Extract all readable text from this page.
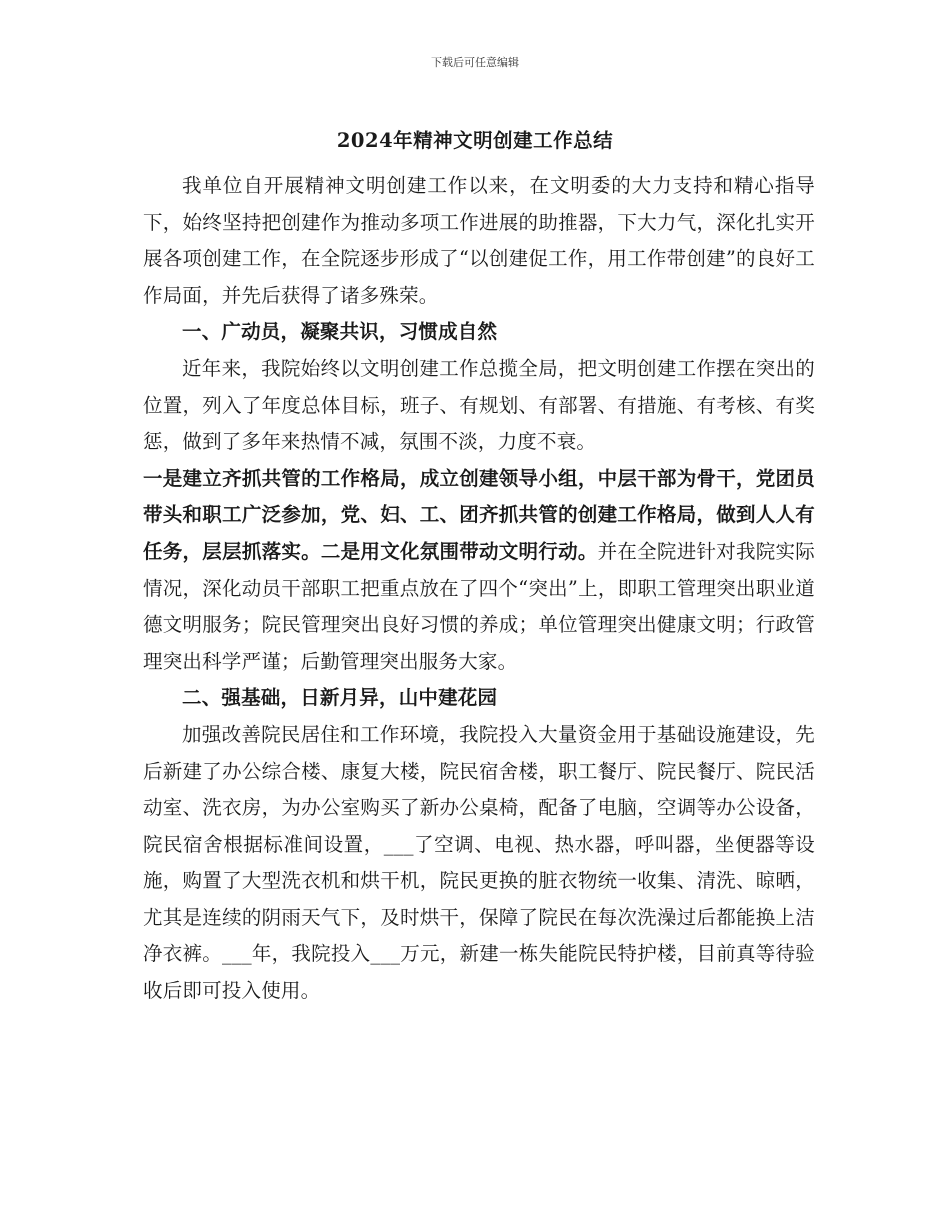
下载后可任意编辑
2024年精神文明创建工作总结

我单位自开展精神文明创建工作以来，在文明委的大力支持和精心指导下，始终坚持把创建作为推动多项工作进展的助推器，下大力气，深化扎实开展各项创建工作，在全院逐步形成了“以创建促工作，用工作带创建”的良好工作局面，并先后获得了诸多殊荣。

一、广动员，凝聚共识，习惯成自然

近年来，我院始终以文明创建工作总揽全局，把文明创建工作摆在突出的位置，列入了年度总体目标，班子、有规划、有部署、有措施、有考核、有奖惩，做到了多年来热情不减，氛围不淡，力度不衰。

一是建立齐抓共管的工作格局，成立创建领导小组，中层干部为骨干，党团员带头和职工广泛参加，党、妇、工、团齐抓共管的创建工作格局，做到人人有任务，层层抓落实。二是用文化氛围带动文明行动。并在全院进针对我院实际情况，深化动员干部职工把重点放在了四个“突出”上，即职工管理突出职业道德文明服务；院民管理突出良好习惯的养成；单位管理突出健康文明；行政管理突出科学严谨；后勤管理突出服务大家。

二、强基础，日新月异，山中建花园

加强改善院民居住和工作环境，我院投入大量资金用于基础设施建设，先后新建了办公综合楼、康复大楼，院民宿舍楼，职工餐厅、院民餐厅、院民活动室、洗衣房，为办公室购买了新办公桌椅，配备了电脑，空调等办公设备，院民宿舍根据标准间设置，___了空调、电视、热水器，呼叫器，坐便器等设施，购置了大型洗衣机和烘干机，院民更换的脏衣物统一收集、清洗、晾晒，尤其是连续的阴雨天气下，及时烘干，保障了院民在每次洗澡过后都能换上洁净衣裤。___年，我院投入___万元，新建一栋失能院民特护楼，目前真等待验收后即可投入使用。
